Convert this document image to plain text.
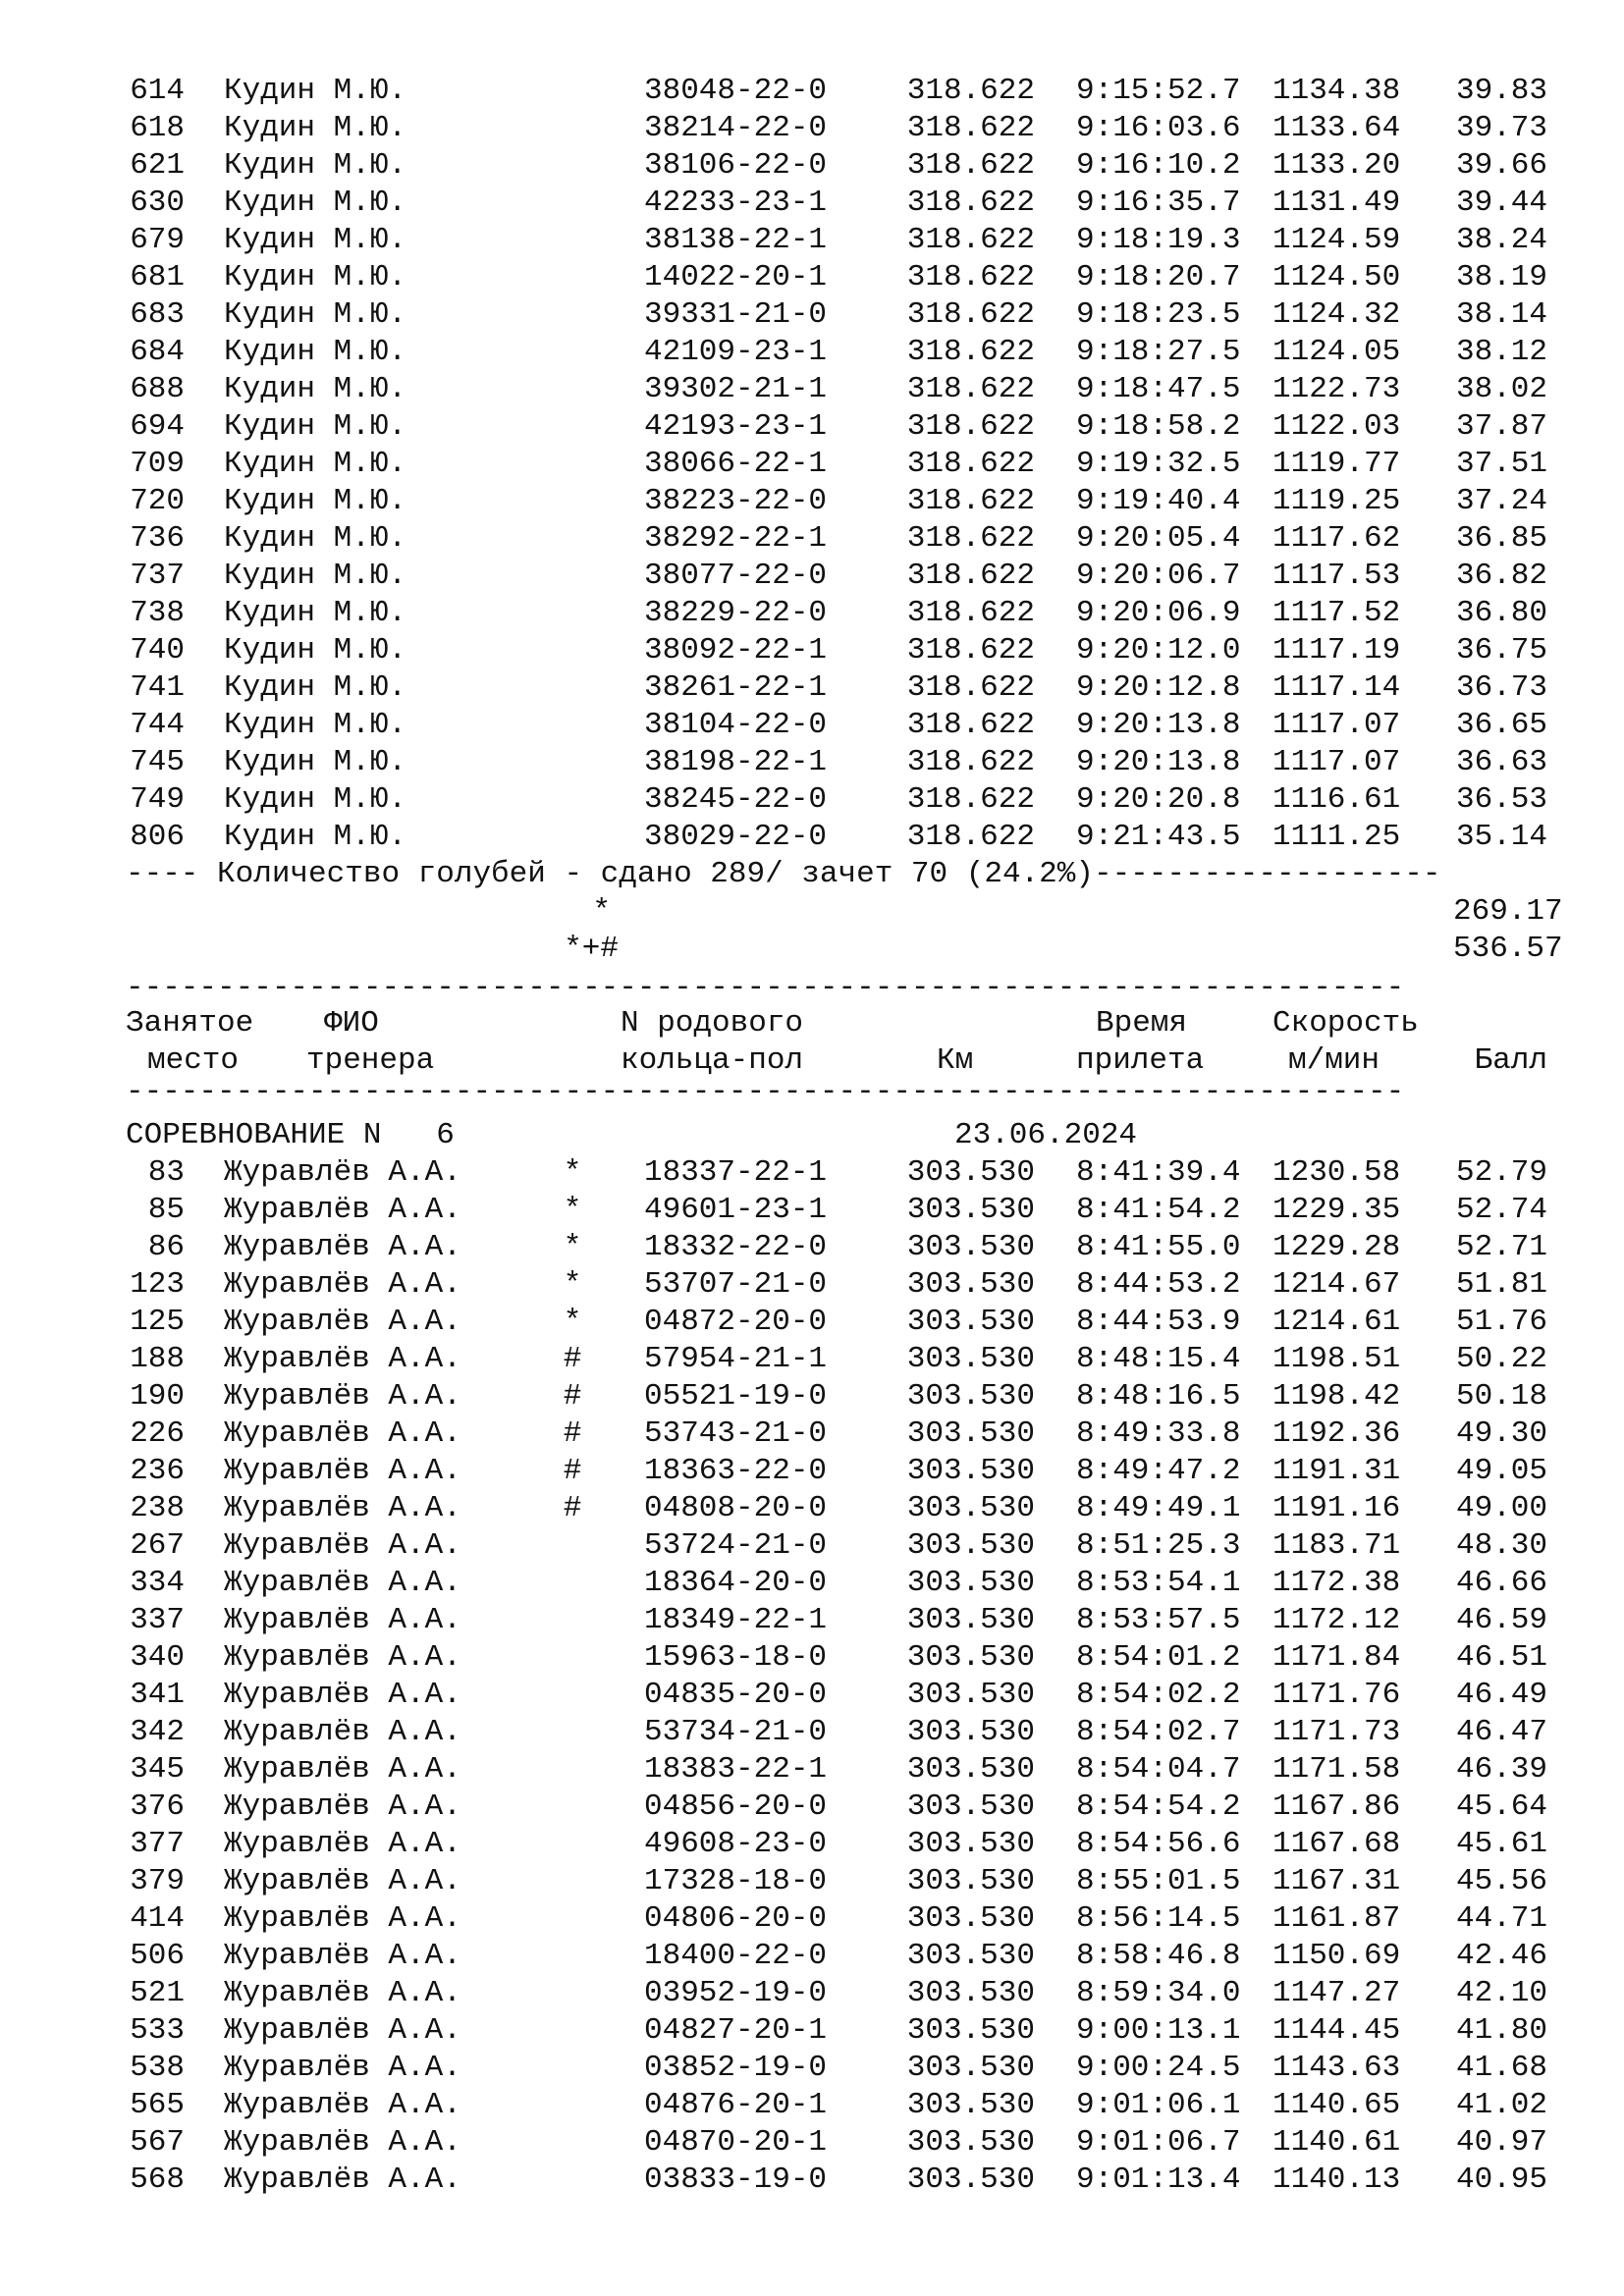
614 Кудин М.Ю.	38048-22-0	318.622 9:15:52.7 1134.38 39.83
618 Кудин М.Ю.	38214-22-0	318.622 9:16:03.6 1133.64 39.73
621 Кудин М.Ю.	38106-22-0	318.622 9:16:10.2 1133.20 39.66
630 Кудин М.Ю.	42233-23-1	318.622 9:16:35.7 1131.49 39.44
679 Кудин М.Ю.	38138-22-1	318.622 9:18:19.3 1124.59 38.24
681 Кудин М.Ю.	14022-20-1	318.622 9:18:20.7 1124.50 38.19
683 Кудин М.Ю.	39331-21-0	318.622 9:18:23.5 1124.32 38.14
684 Кудин М.Ю.	42109-23-1	318.622 9:18:27.5 1124.05 38.12
688 Кудин М.Ю.	39302-21-1	318.622 9:18:47.5 1122.73 38.02
694 Кудин М.Ю.	42193-23-1	318.622 9:18:58.2 1122.03 37.87
709 Кудин М.Ю.	38066-22-1	318.622 9:19:32.5 1119.77 37.51
720 Кудин М.Ю.	38223-22-0	318.622 9:19:40.4 1119.25 37.24
736 Кудин М.Ю.	38292-22-1	318.622 9:20:05.4 1117.62 36.85
737 Кудин М.Ю.	38077-22-0	318.622 9:20:06.7 1117.53 36.82
738 Кудин М.Ю.	38229-22-0	318.622 9:20:06.9 1117.52 36.80
740 Кудин М.Ю.	38092-22-1	318.622 9:20:12.0 1117.19 36.75
741 Кудин М.Ю.	38261-22-1	318.622 9:20:12.8 1117.14 36.73
744 Кудин М.Ю.	38104-22-0	318.622 9:20:13.8 1117.07 36.65
745 Кудин М.Ю.	38198-22-1	318.622 9:20:13.8 1117.07 36.63
749 Кудин М.Ю.	38245-22-0	318.622 9:20:20.8 1116.61 36.53
806 Кудин М.Ю.	38029-22-0	318.622 9:21:43.5 1111.25 35.14
---- Количество голубей - сдано 289/ зачет 70 (24.2%)-------------------
*	269.17
*+#	536.57
----------------------------------------------------------------------
Занятое ФИО	N родового	Время	Скорость
место тренера	кольца-пол	Км	прилета	м/мин	Балл
----------------------------------------------------------------------
СОРЕВНОВАНИЕ N   6	23.06.2024
83 Журавлёв А.А.	* 18337-22-1	303.530 8:41:39.4 1230.58 52.79
85 Журавлёв А.А.	* 49601-23-1	303.530 8:41:54.2 1229.35 52.74
86 Журавлёв А.А.	* 18332-22-0	303.530 8:41:55.0 1229.28 52.71
123 Журавлёв А.А.	* 53707-21-0	303.530 8:44:53.2 1214.67 51.81
125 Журавлёв А.А.	* 04872-20-0	303.530 8:44:53.9 1214.61 51.76
188 Журавлёв А.А.	# 57954-21-1	303.530 8:48:15.4 1198.51 50.22
190 Журавлёв А.А.	# 05521-19-0	303.530 8:48:16.5 1198.42 50.18
226 Журавлёв А.А.	# 53743-21-0	303.530 8:49:33.8 1192.36 49.30
236 Журавлёв А.А.	# 18363-22-0	303.530 8:49:47.2 1191.31 49.05
238 Журавлёв А.А.	# 04808-20-0	303.530 8:49:49.1 1191.16 49.00
267 Журавлёв А.А.	53724-21-0	303.530 8:51:25.3 1183.71 48.30
334 Журавлёв А.А.	18364-20-0	303.530 8:53:54.1 1172.38 46.66
337 Журавлёв А.А.	18349-22-1	303.530 8:53:57.5 1172.12 46.59
340 Журавлёв А.А.	15963-18-0	303.530 8:54:01.2 1171.84 46.51
341 Журавлёв А.А.	04835-20-0	303.530 8:54:02.2 1171.76 46.49
342 Журавлёв А.А.	53734-21-0	303.530 8:54:02.7 1171.73 46.47
345 Журавлёв А.А.	18383-22-1	303.530 8:54:04.7 1171.58 46.39
376 Журавлёв А.А.	04856-20-0	303.530 8:54:54.2 1167.86 45.64
377 Журавлёв А.А.	49608-23-0	303.530 8:54:56.6 1167.68 45.61
379 Журавлёв А.А.	17328-18-0	303.530 8:55:01.5 1167.31 45.56
414 Журавлёв А.А.	04806-20-0	303.530 8:56:14.5 1161.87 44.71
506 Журавлёв А.А.	18400-22-0	303.530 8:58:46.8 1150.69 42.46
521 Журавлёв А.А.	03952-19-0	303.530 8:59:34.0 1147.27 42.10
533 Журавлёв А.А.	04827-20-1	303.530 9:00:13.1 1144.45 41.80
538 Журавлёв А.А.	03852-19-0	303.530 9:00:24.5 1143.63 41.68
565 Журавлёв А.А.	04876-20-1	303.530 9:01:06.1 1140.65 41.02
567 Журавлёв А.А.	04870-20-1	303.530 9:01:06.7 1140.61 40.97
568 Журавлёв А.А.	03833-19-0	303.530 9:01:13.4 1140.13 40.95
